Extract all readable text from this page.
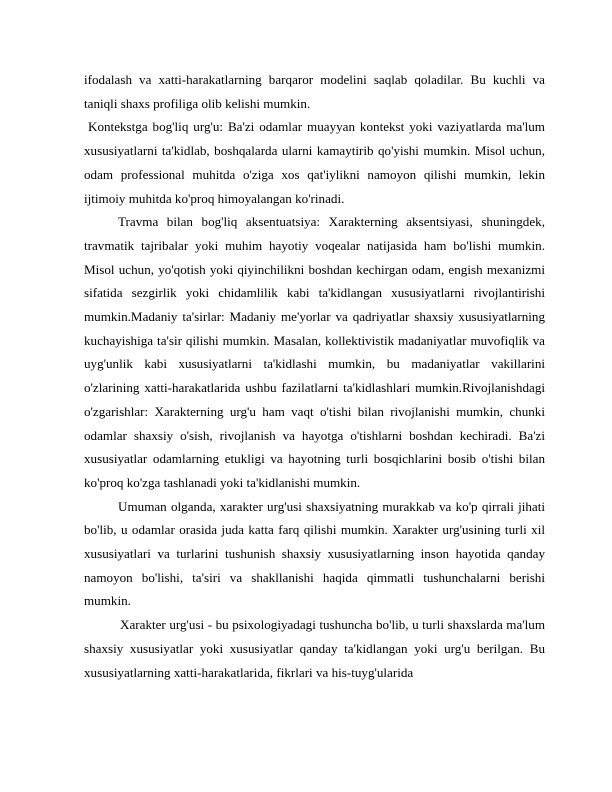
ifodalash va xatti-harakatlarning barqaror modelini saqlab qoladilar. Bu kuchli va taniqli shaxs profiliga olib kelishi mumkin.

Kontekstga bog'liq urg'u: Ba'zi odamlar muayyan kontekst yoki vaziyatlarda ma'lum xususiyatlarni ta'kidlab, boshqalarda ularni kamaytirib qo'yishi mumkin. Misol uchun, odam professional muhitda o'ziga xos qat'iylikni namoyon qilishi mumkin, lekin ijtimoiy muhitda ko'proq himoyalangan ko'rinadi.

Travma bilan bog'liq aksentuatsiya: Xarakterning aksentsiyasi, shuningdek, travmatik tajribalar yoki muhim hayotiy voqealar natijasida ham bo'lishi mumkin. Misol uchun, yo'qotish yoki qiyinchilikni boshdan kechirgan odam, engish mexanizmi sifatida sezgirlik yoki chidamlilik kabi ta'kidlangan xususiyatlarni rivojlantirishi mumkin.Madaniy ta'sirlar: Madaniy me'yorlar va qadriyatlar shaxsiy xususiyatlarning kuchayishiga ta'sir qilishi mumkin. Masalan, kollektivistik madaniyatlar muvofiqlik va uyg'unlik kabi xususiyatlarni ta'kidlashi mumkin, bu madaniyatlar vakillarini o'zlarining xatti-harakatlarida ushbu fazilatlarni ta'kidlashlari mumkin.Rivojlanishdagi o'zgarishlar: Xarakterning urg'u ham vaqt o'tishi bilan rivojlanishi mumkin, chunki odamlar shaxsiy o'sish, rivojlanish va hayotga o'tishlarni boshdan kechiradi. Ba'zi xususiyatlar odamlarning etukligi va hayotning turli bosqichlarini bosib o'tishi bilan ko'proq ko'zga tashlanadi yoki ta'kidlanishi mumkin.

Umuman olganda, xarakter urg'usi shaxsiyatning murakkab va ko'p qirrali jihati bo'lib, u odamlar orasida juda katta farq qilishi mumkin. Xarakter urg'usining turli xil xususiyatlari va turlarini tushunish shaxsiy xususiyatlarning inson hayotida qanday namoyon bo'lishi, ta'siri va shakllanishi haqida qimmatli tushunchalarni berishi mumkin.

Xarakter urg'usi - bu psixologiyadagi tushuncha bo'lib, u turli shaxslarda ma'lum shaxsiy xususiyatlar yoki xususiyatlar qanday ta'kidlangan yoki urg'u berilgan. Bu xususiyatlarning xatti-harakatlarida, fikrlari va his-tuyg'ularida
